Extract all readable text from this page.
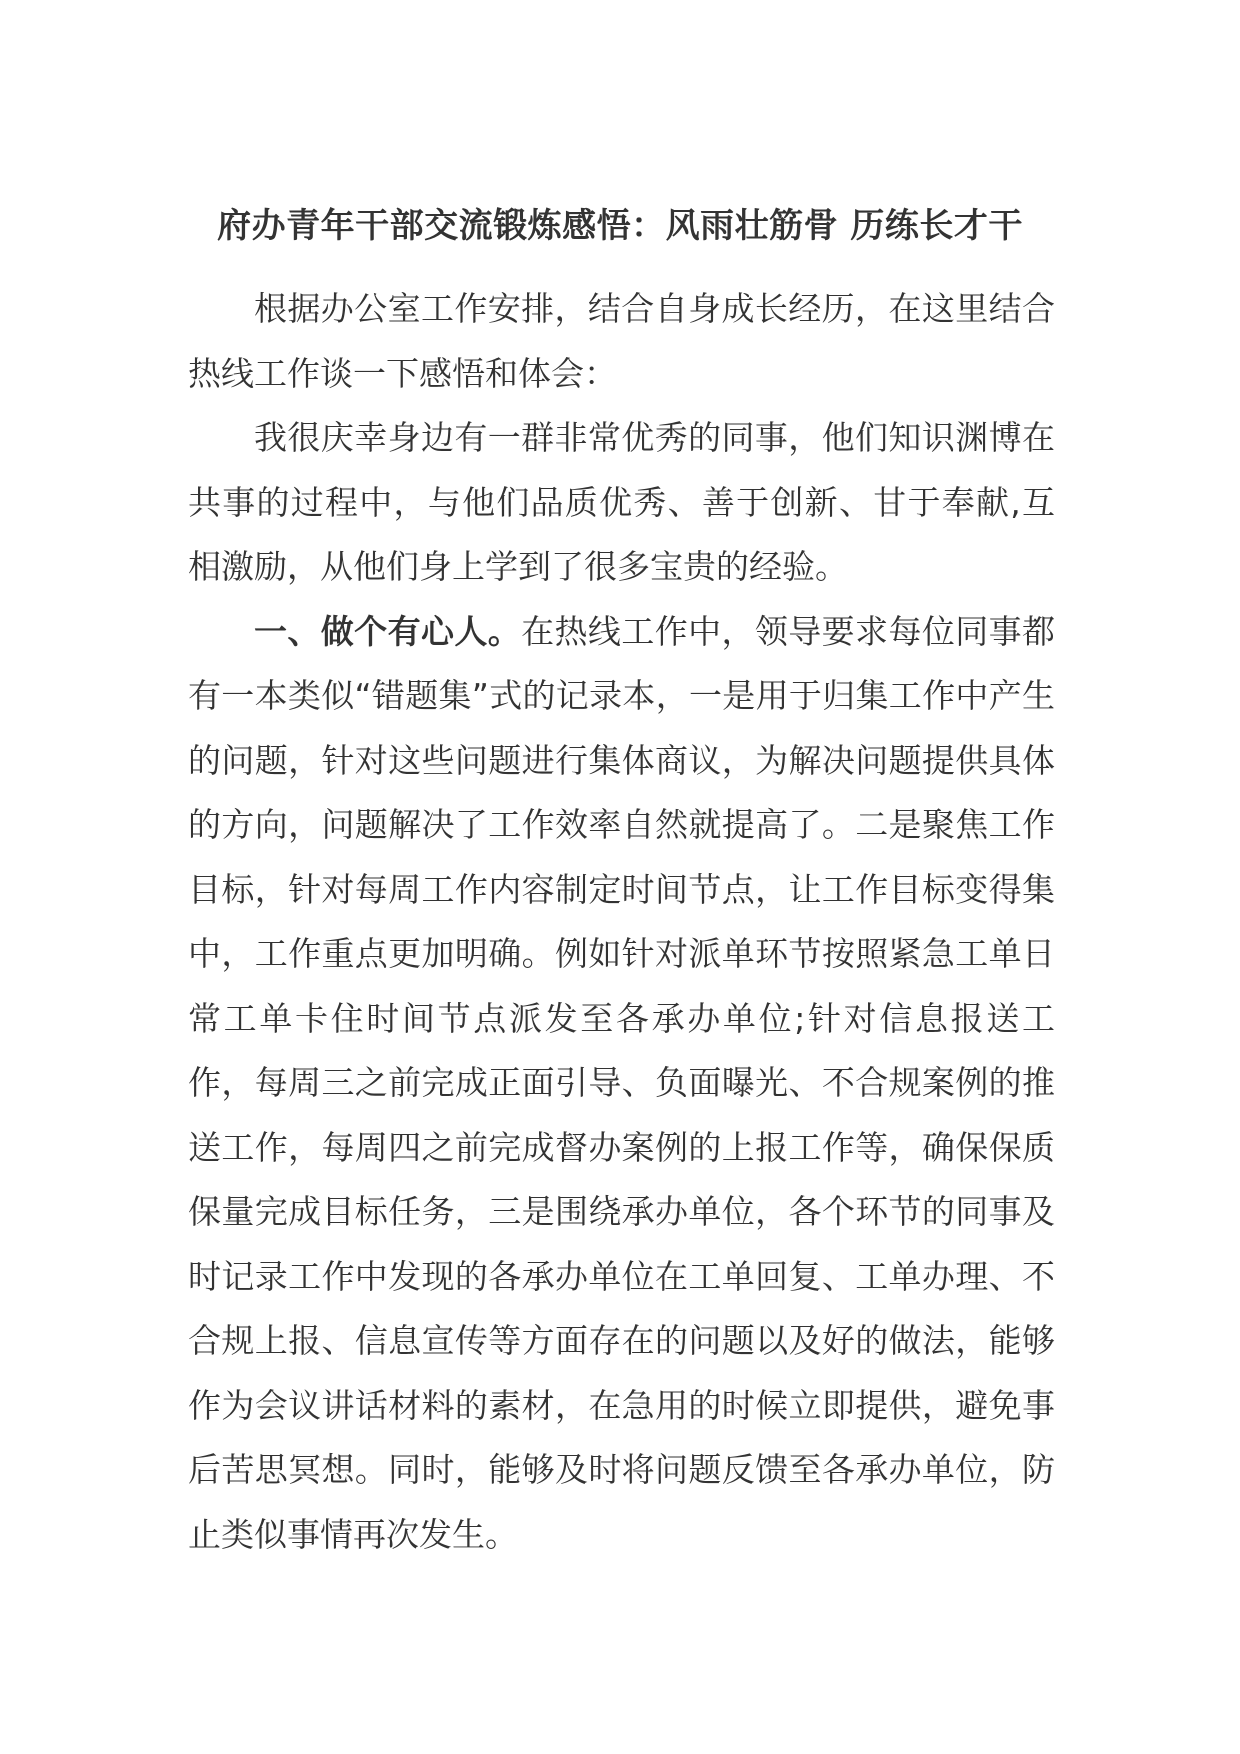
府办青年干部交流锻炼感悟：风雨壮筋骨 历练长才干

根据办公室工作安排，结合自身成长经历，在这里结合热线工作谈一下感悟和体会：

我很庆幸身边有一群非常优秀的同事，他们知识渊博在共事的过程中，与他们品质优秀、善于创新、甘于奉献,互相激励，从他们身上学到了很多宝贵的经验。

一、做个有心人。在热线工作中，领导要求每位同事都有一本类似“错题集”式的记录本，一是用于归集工作中产生的问题，针对这些问题进行集体商议，为解决问题提供具体的方向，问题解决了工作效率自然就提高了。二是聚焦工作目标，针对每周工作内容制定时间节点，让工作目标变得集中，工作重点更加明确。例如针对派单环节按照紧急工单日常工单卡住时间节点派发至各承办单位;针对信息报送工作，每周三之前完成正面引导、负面曝光、不合规案例的推送工作，每周四之前完成督办案例的上报工作等，确保保质保量完成目标任务，三是围绕承办单位，各个环节的同事及时记录工作中发现的各承办单位在工单回复、工单办理、不合规上报、信息宣传等方面存在的问题以及好的做法，能够作为会议讲话材料的素材，在急用的时候立即提供，避免事后苦思冥想。同时，能够及时将问题反馈至各承办单位，防止类似事情再次发生。
